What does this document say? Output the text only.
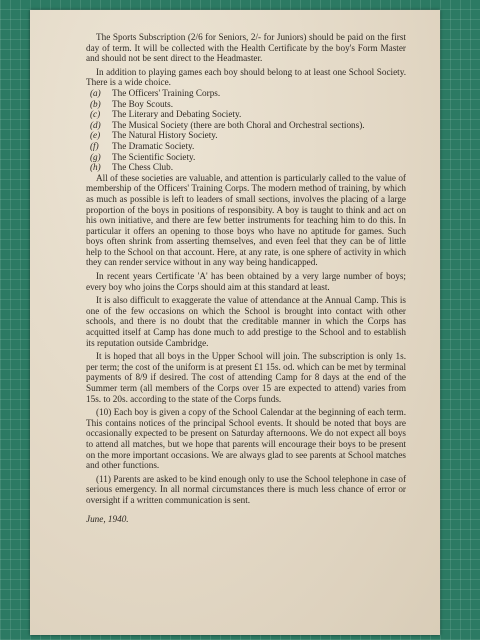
The Sports Subscription (2/6 for Seniors, 2/- for Juniors) should be paid on the first day of term. It will be collected with the Health Certificate by the boy's Form Master and should not be sent direct to the Headmaster.

In addition to playing games each boy should belong to at least one School Society. There is a wide choice.

(a)	The Officers' Training Corps.
(b)	The Boy Scouts.
(c)	The Literary and Debating Society.
(d)	The Musical Society (there are both Choral and Orchestral sections).
(e)	The Natural History Society.
(f)	The Dramatic Society.
(g)	The Scientific Society.
(h)	The Chess Club.

All of these societies are valuable, and attention is particularly called to the value of membership of the Officers' Training Corps. The modern method of training, by which as much as possible is left to leaders of small sections, involves the placing of a large proportion of the boys in positions of responsibity. A boy is taught to think and act on his own initiative, and there are few better instruments for teaching him to do this. In particular it offers an opening to those boys who have no aptitude for games. Such boys often shrink from asserting themselves, and even feel that they can be of little help to the School on that account. Here, at any rate, is one sphere of activity in which they can render service without in any way being handicapped.

In recent years Certificate 'A' has been obtained by a very large number of boys; every boy who joins the Corps should aim at this standard at least.

It is also difficult to exaggerate the value of attendance at the Annual Camp. This is one of the few occasions on which the School is brought into contact with other schools, and there is no doubt that the creditable manner in which the Corps has acquitted itself at Camp has done much to add prestige to the School and to establish its reputation outside Cambridge.

It is hoped that all boys in the Upper School will join. The subscription is only 1s. per term; the cost of the uniform is at present £1 15s. od. which can be met by terminal payments of 8/9 if desired. The cost of attending Camp for 8 days at the end of the Summer term (all members of the Corps over 15 are expected to attend) varies from 15s. to 20s. according to the state of the Corps funds.

(10) Each boy is given a copy of the School Calendar at the beginning of each term. This contains notices of the principal School events. It should be noted that boys are occasionally expected to be present on Saturday afternoons. We do not expect all boys to attend all matches, but we hope that parents will encourage their boys to be present on the more important occasions. We are always glad to see parents at School matches and other functions.

(11) Parents are asked to be kind enough only to use the School telephone in case of serious emergency. In all normal circumstances there is much less chance of error or oversight if a written communication is sent.

June, 1940.
